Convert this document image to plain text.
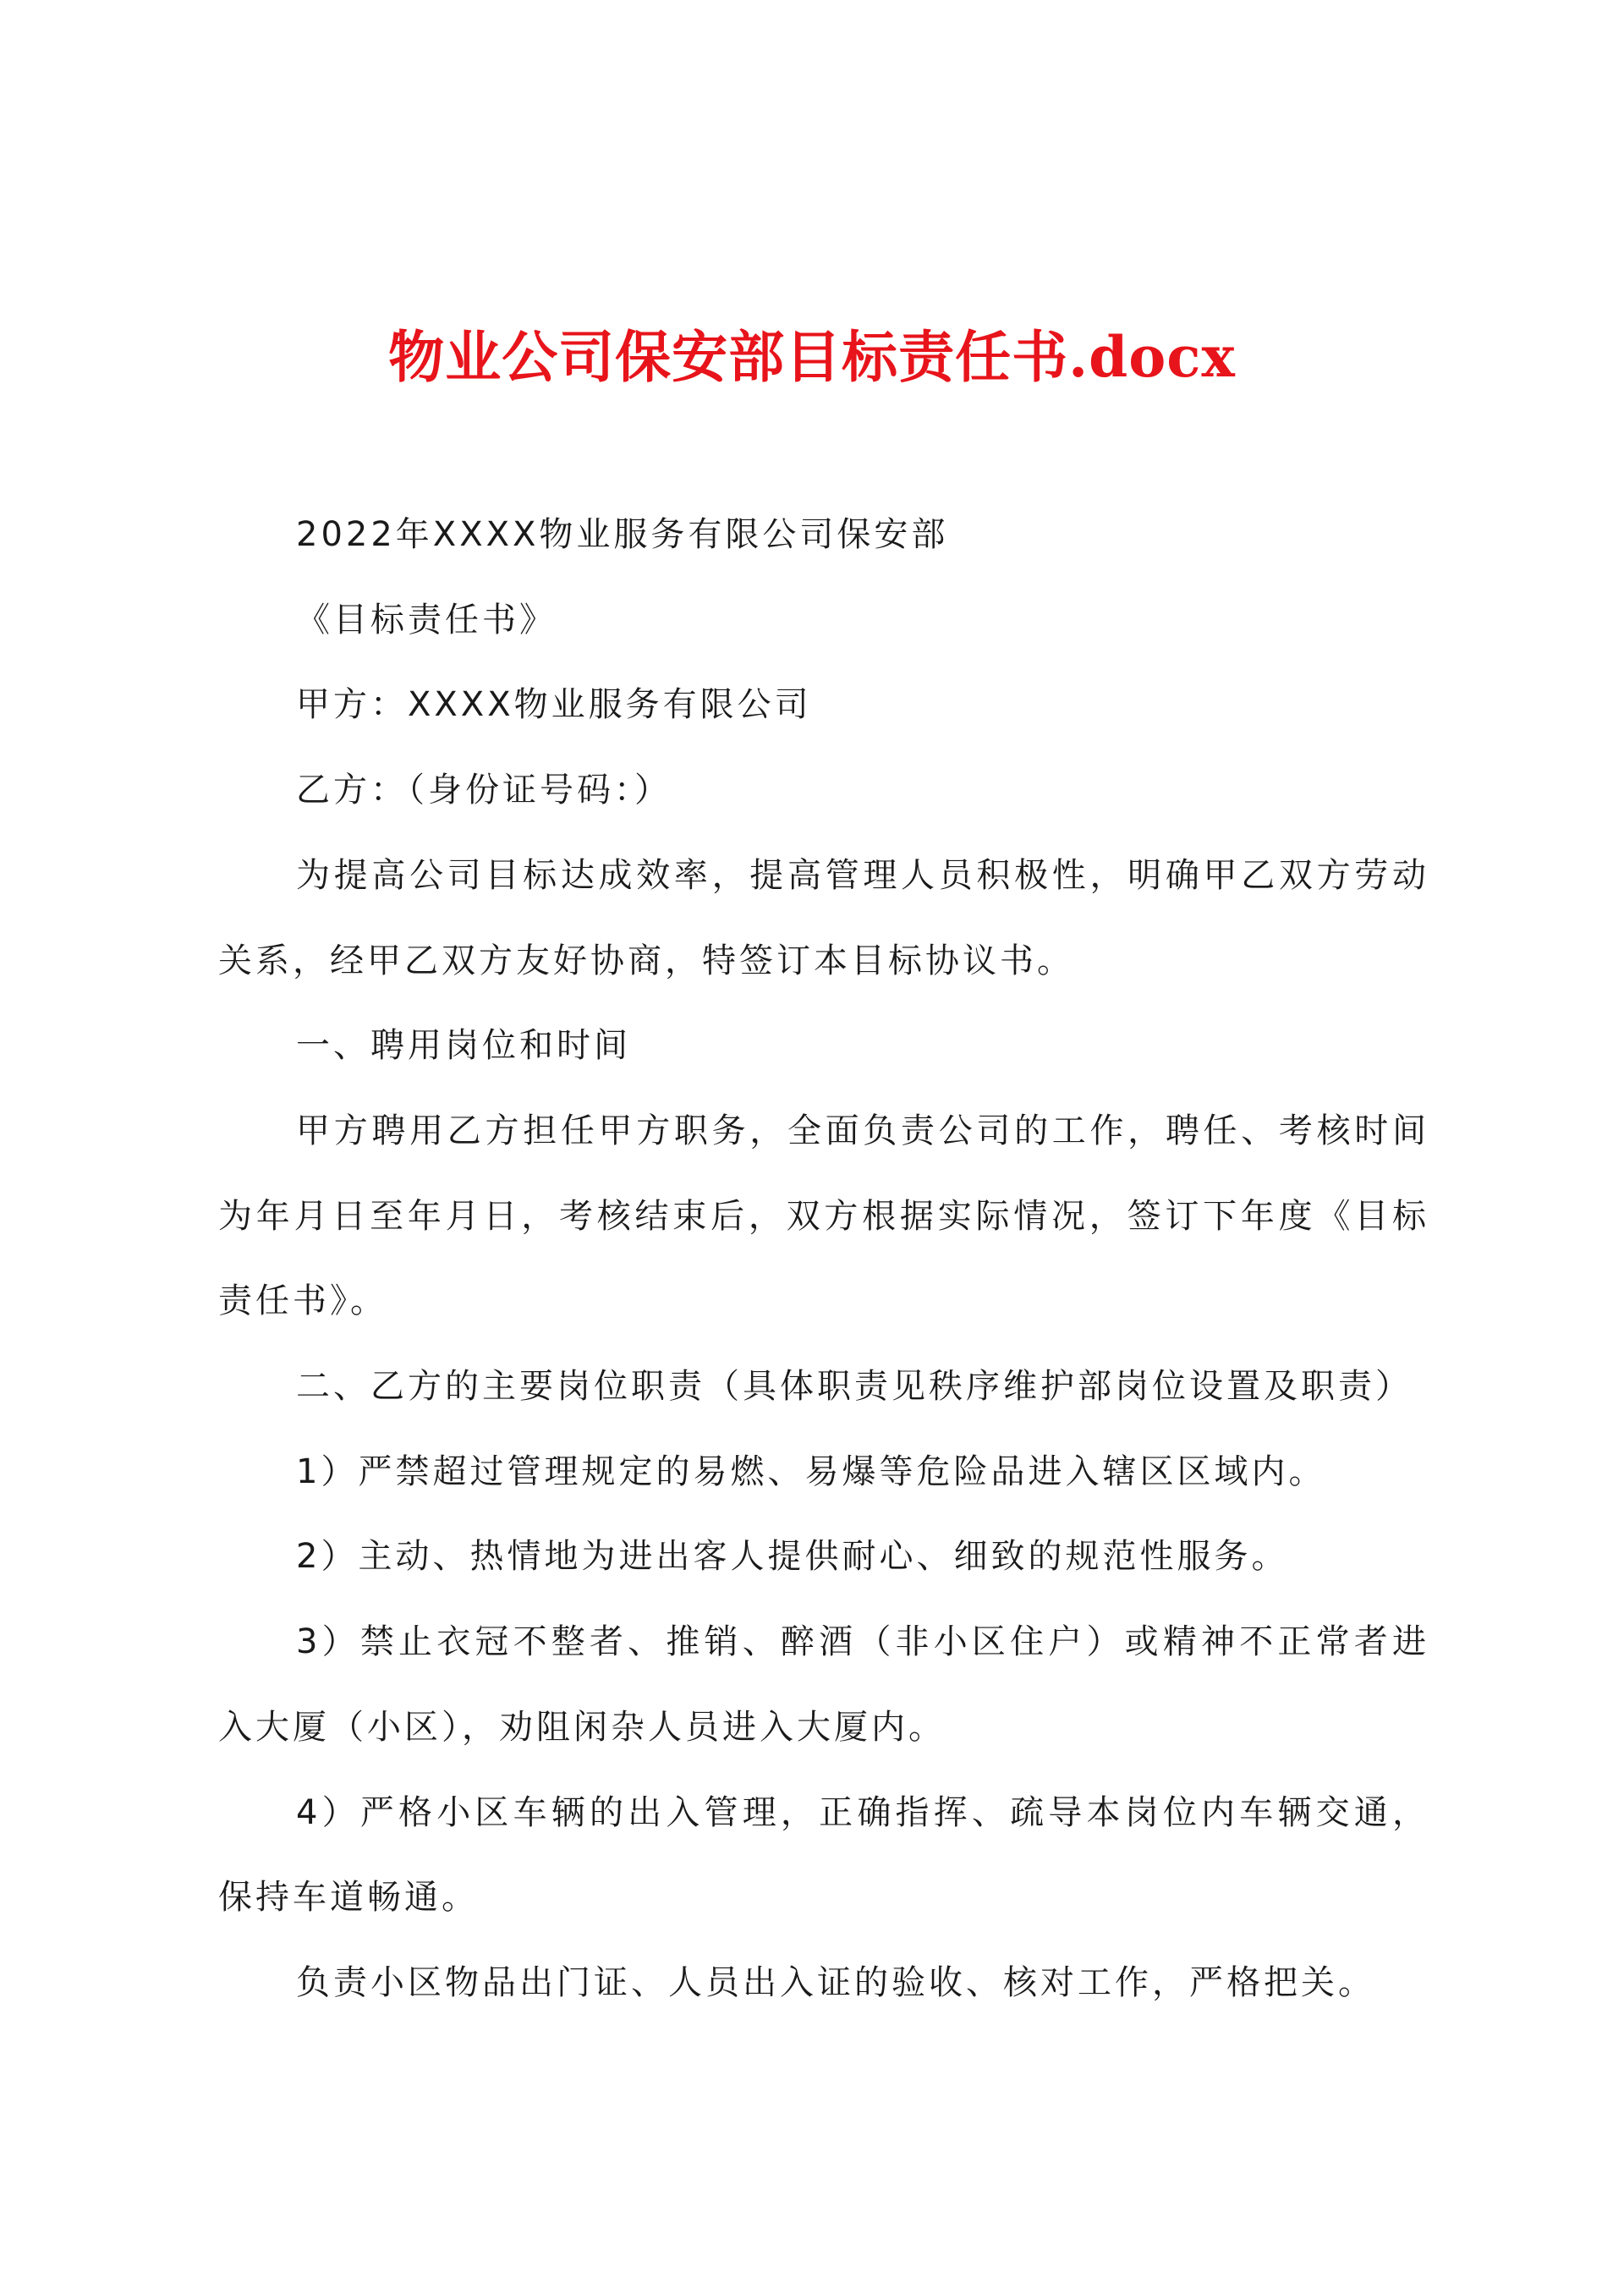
物业公司保安部目标责任书.docx

2022年XXXX物业服务有限公司保安部

《目标责任书》

甲方：XXXX物业服务有限公司

乙方：（身份证号码：）

为提高公司目标达成效率，提高管理人员积极性，明确甲乙双方劳动关系，经甲乙双方友好协商，特签订本目标协议书。

一、聘用岗位和时间

甲方聘用乙方担任甲方职务，全面负责公司的工作，聘任、考核时间为年月日至年月日，考核结束后，双方根据实际情况，签订下年度《目标责任书》。

二、乙方的主要岗位职责（具体职责见秩序维护部岗位设置及职责）

1）严禁超过管理规定的易燃、易爆等危险品进入辖区区域内。

2）主动、热情地为进出客人提供耐心、细致的规范性服务。

3）禁止衣冠不整者、推销、醉酒（非小区住户）或精神不正常者进入大厦（小区），劝阻闲杂人员进入大厦内。

4）严格小区车辆的出入管理，正确指挥、疏导本岗位内车辆交通，保持车道畅通。

负责小区物品出门证、人员出入证的验收、核对工作，严格把关。
